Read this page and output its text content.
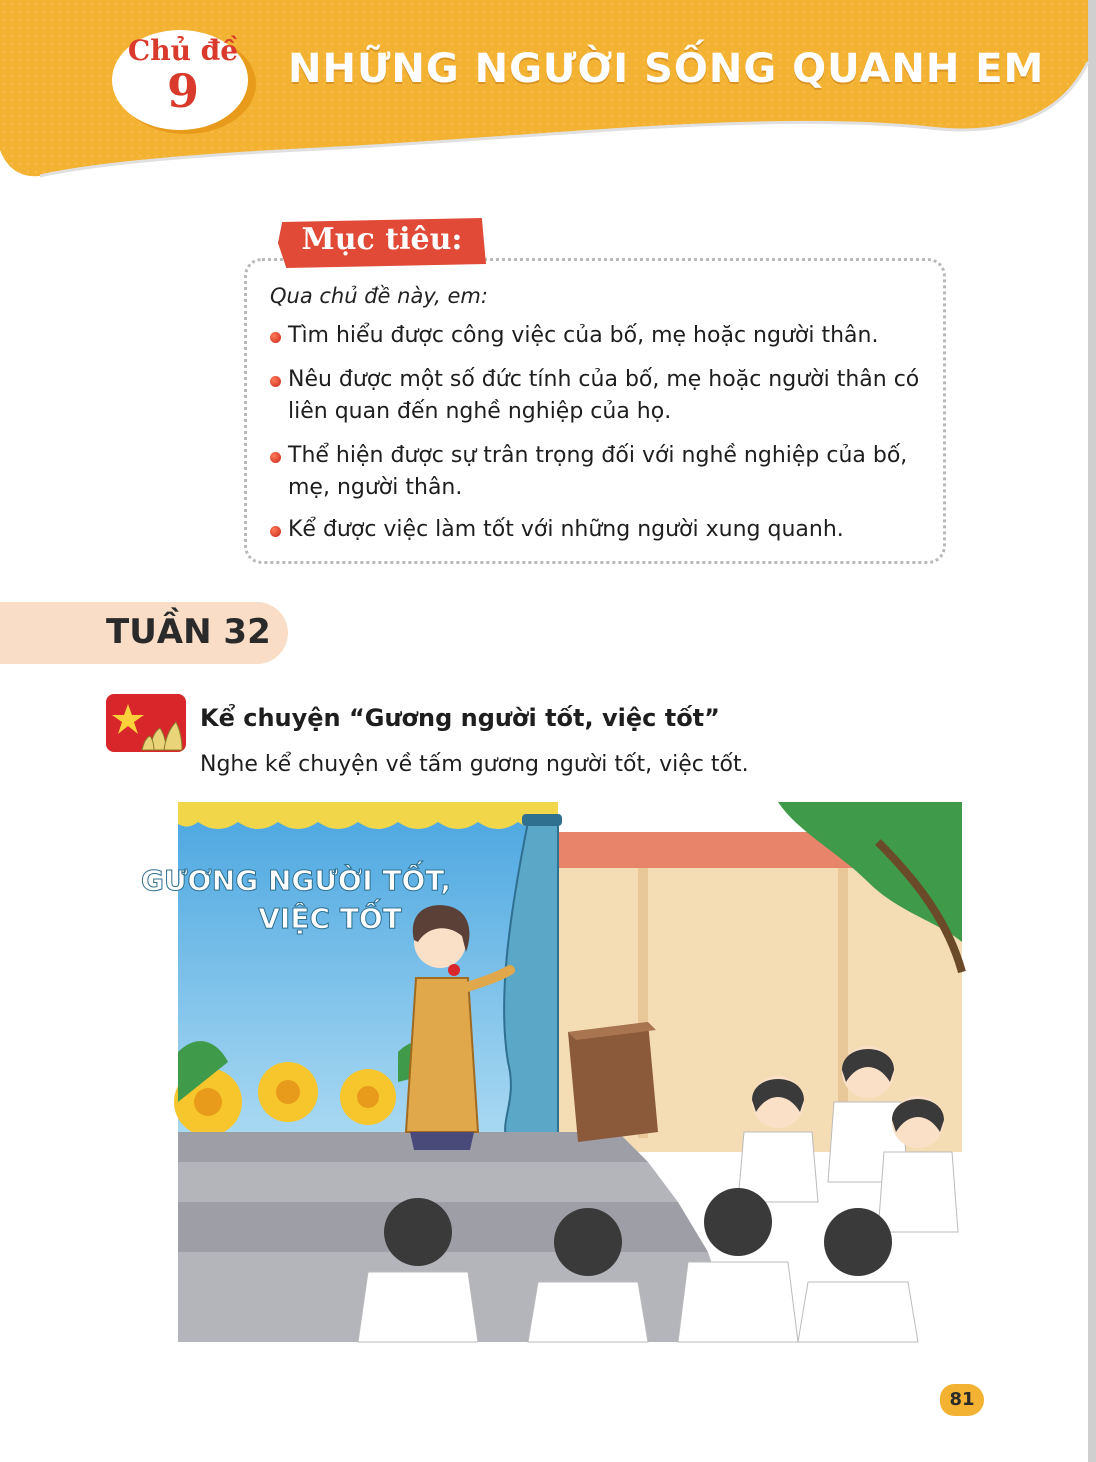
Chủ đề
9	NHỮNG NGƯỜI SỐNG QUANH EM
Mục tiêu:
Qua chủ đề này, em:
Tìm hiểu được công việc của bố, mẹ hoặc người thân.
Nêu được một số đức tính của bố, mẹ hoặc người thân có liên quan đến nghề nghiệp của họ.
Thể hiện được sự trân trọng đối với nghề nghiệp của bố, mẹ, người thân.
Kể được việc làm tốt với những người xung quanh.
TUẦN 32
Kể chuyện “Gương người tốt, việc tốt”
Nghe kể chuyện về tấm gương người tốt, việc tốt.
GƯƠNG NGƯỜI TỐT,
VIỆC TỐT
81
